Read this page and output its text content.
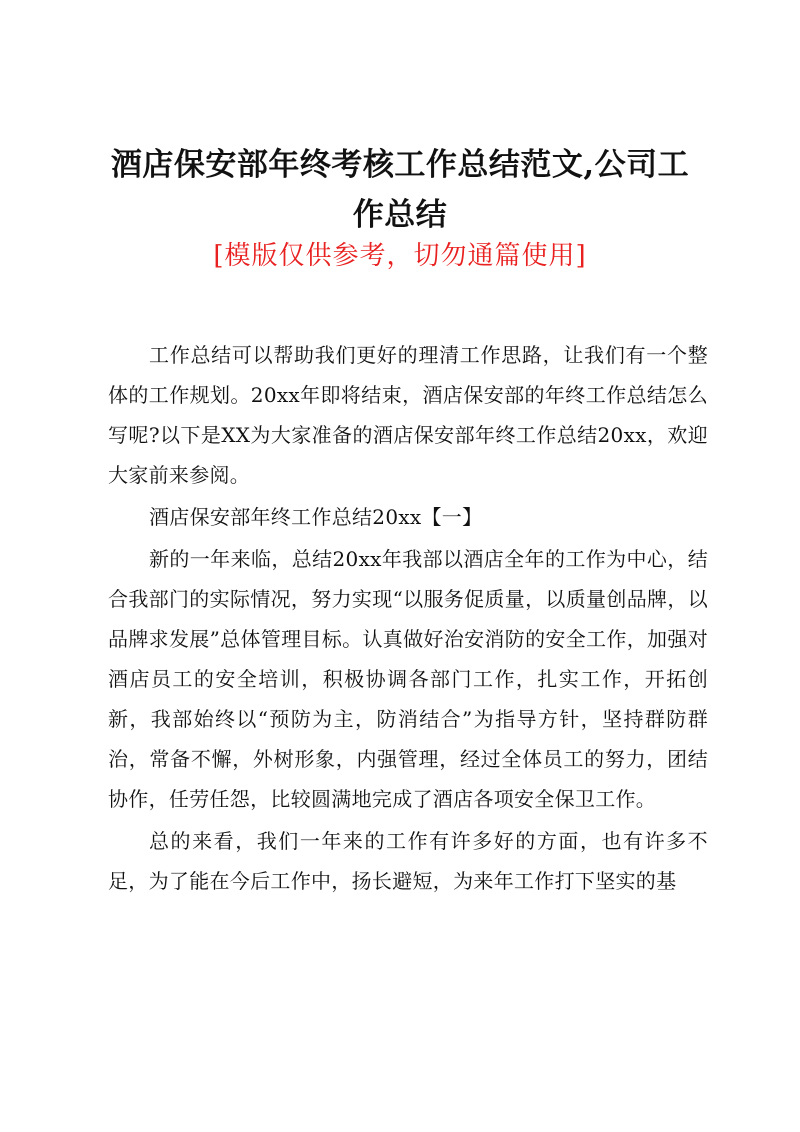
酒店保安部年终考核工作总结范文,公司工作总结
[模版仅供参考，切勿通篇使用]

工作总结可以帮助我们更好的理清工作思路，让我们有一个整体的工作规划。20xx年即将结束，酒店保安部的年终工作总结怎么写呢?以下是XX为大家准备的酒店保安部年终工作总结20xx，欢迎大家前来参阅。

酒店保安部年终工作总结20xx【一】

新的一年来临，总结20xx年我部以酒店全年的工作为中心，结合我部门的实际情况，努力实现“以服务促质量，以质量创品牌，以品牌求发展”总体管理目标。认真做好治安消防的安全工作，加强对酒店员工的安全培训，积极协调各部门工作，扎实工作，开拓创新，我部始终以“预防为主，防消结合”为指导方针，坚持群防群治，常备不懈，外树形象，内强管理，经过全体员工的努力，团结协作，任劳任怨，比较圆满地完成了酒店各项安全保卫工作。

总的来看，我们一年来的工作有许多好的方面，也有许多不足，为了能在今后工作中，扬长避短，为来年工作打下坚实的基
